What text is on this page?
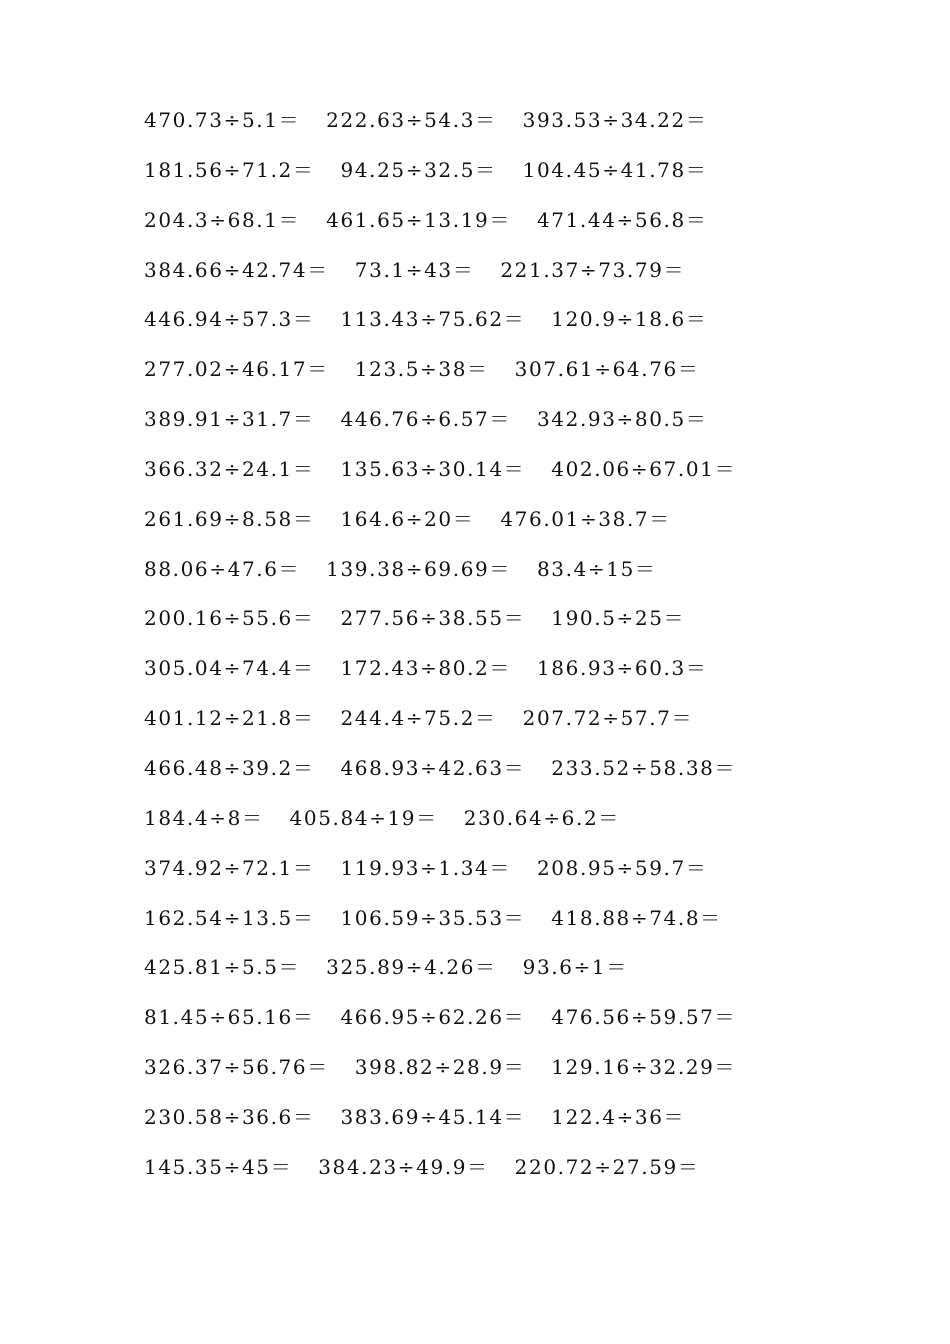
470.73÷5.1＝ 222.63÷54.3＝ 393.53÷34.22＝
181.56÷71.2＝ 94.25÷32.5＝ 104.45÷41.78＝
204.3÷68.1＝ 461.65÷13.19＝ 471.44÷56.8＝
384.66÷42.74＝ 73.1÷43＝ 221.37÷73.79＝
446.94÷57.3＝ 113.43÷75.62＝ 120.9÷18.6＝
277.02÷46.17＝ 123.5÷38＝ 307.61÷64.76＝
389.91÷31.7＝ 446.76÷6.57＝ 342.93÷80.5＝
366.32÷24.1＝ 135.63÷30.14＝ 402.06÷67.01＝
261.69÷8.58＝ 164.6÷20＝ 476.01÷38.7＝
88.06÷47.6＝ 139.38÷69.69＝ 83.4÷15＝
200.16÷55.6＝ 277.56÷38.55＝ 190.5÷25＝
305.04÷74.4＝ 172.43÷80.2＝ 186.93÷60.3＝
401.12÷21.8＝ 244.4÷75.2＝ 207.72÷57.7＝
466.48÷39.2＝ 468.93÷42.63＝ 233.52÷58.38＝
184.4÷8＝ 405.84÷19＝ 230.64÷6.2＝
374.92÷72.1＝ 119.93÷1.34＝ 208.95÷59.7＝
162.54÷13.5＝ 106.59÷35.53＝ 418.88÷74.8＝
425.81÷5.5＝ 325.89÷4.26＝ 93.6÷1＝
81.45÷65.16＝ 466.95÷62.26＝ 476.56÷59.57＝
326.37÷56.76＝ 398.82÷28.9＝ 129.16÷32.29＝
230.58÷36.6＝ 383.69÷45.14＝ 122.4÷36＝
145.35÷45＝ 384.23÷49.9＝ 220.72÷27.59＝
